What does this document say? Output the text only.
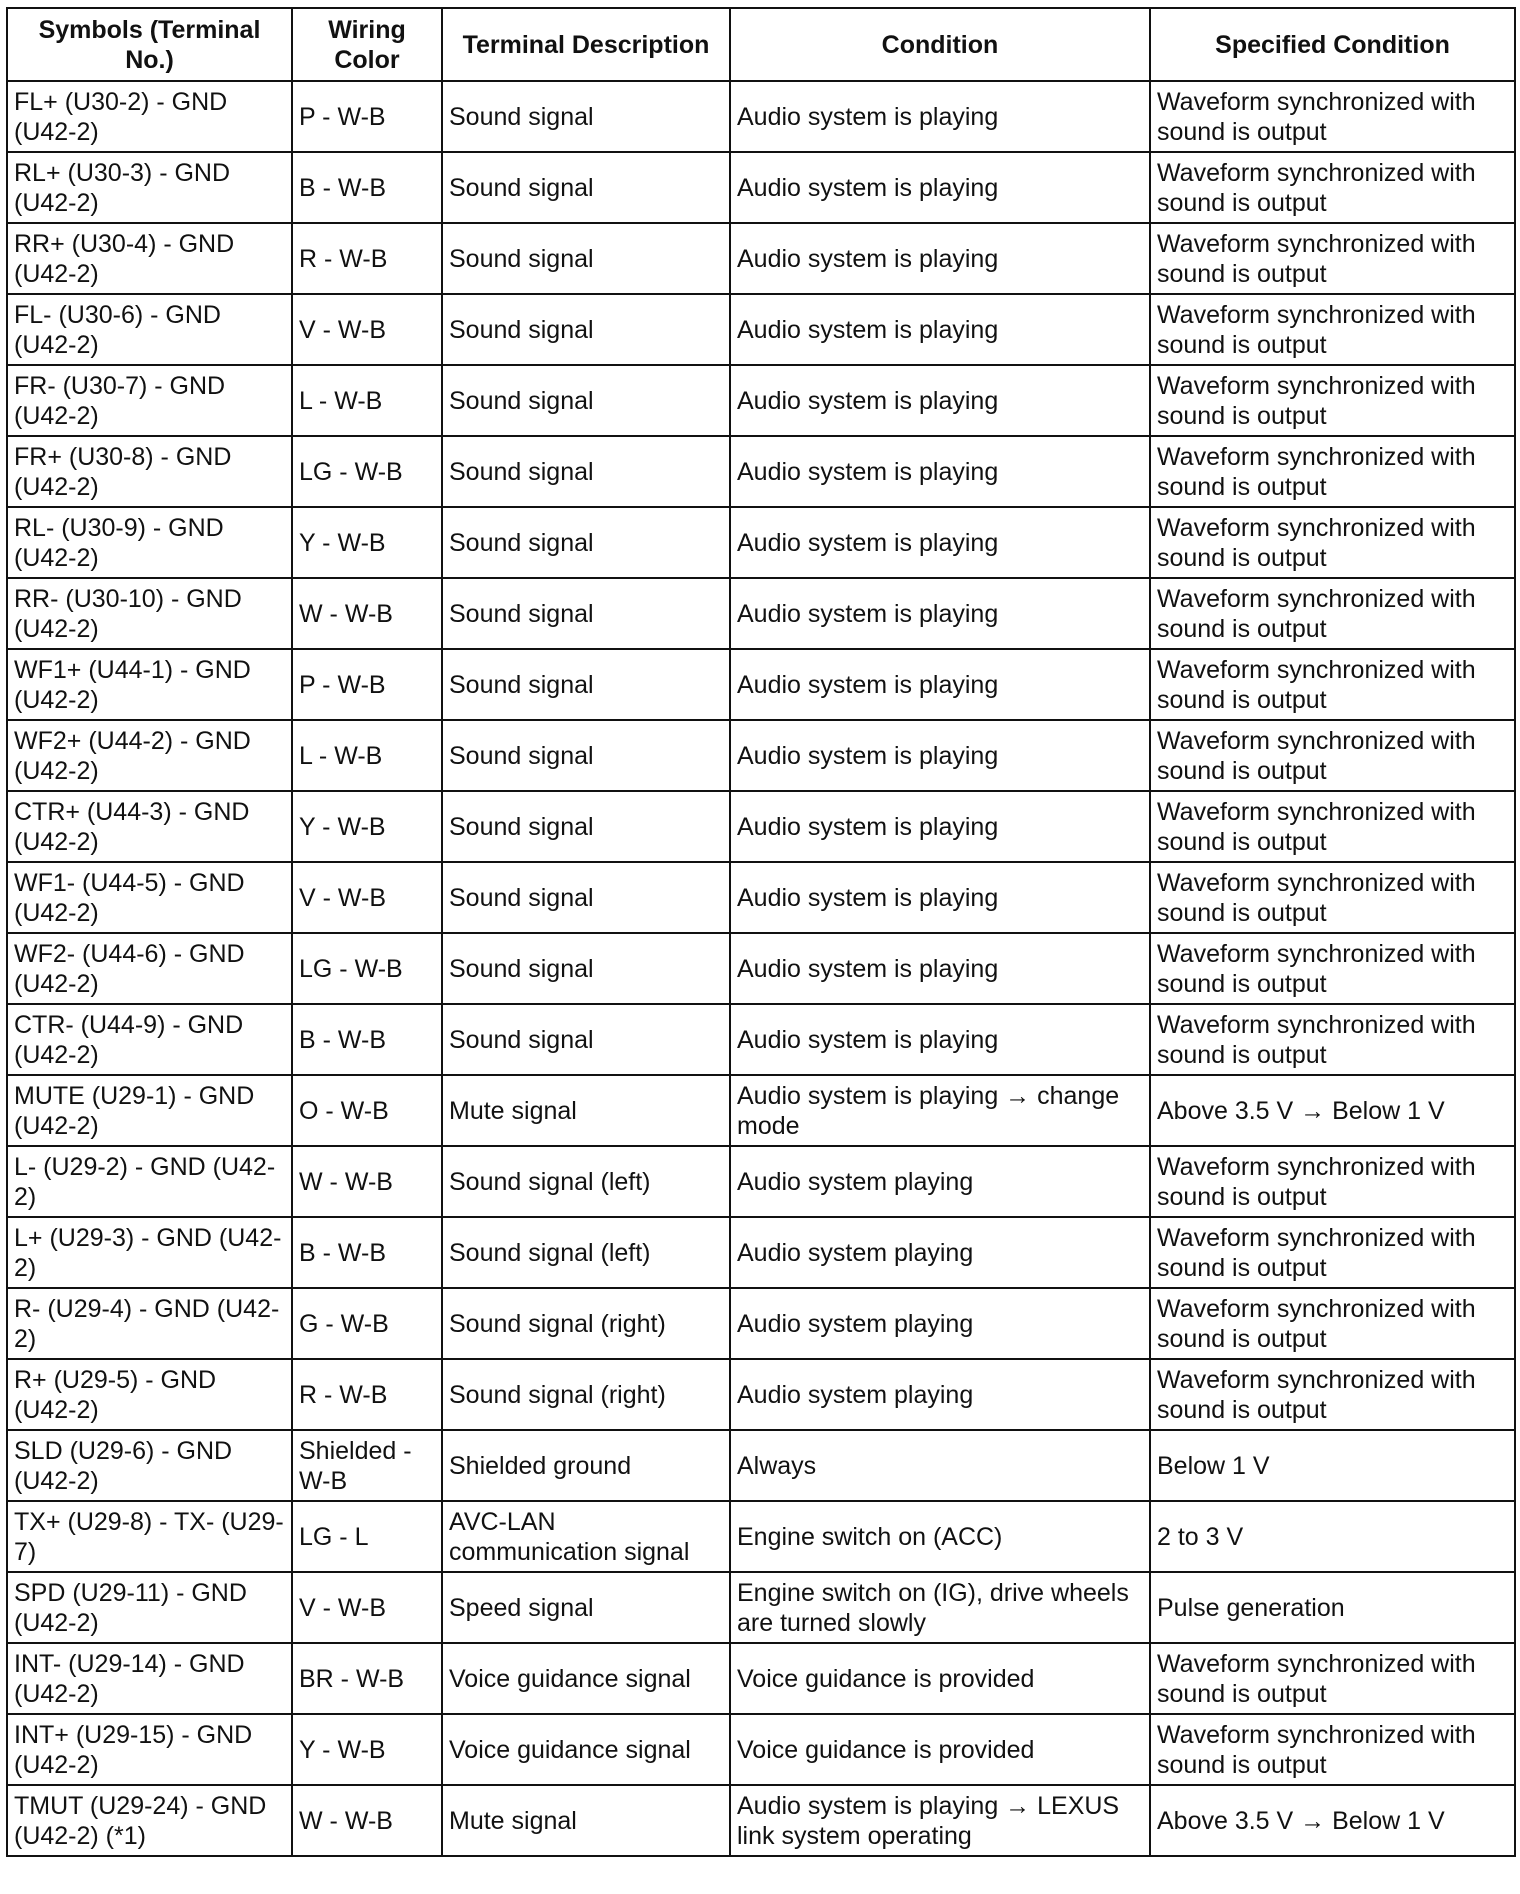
Symbols (Terminal No.)	Wiring Color	Terminal Description	Condition	Specified Condition
FL+ (U30-2) - GND (U42-2)	P - W-B	Sound signal	Audio system is playing	Waveform synchronized with sound is output
RL+ (U30-3) - GND (U42-2)	B - W-B	Sound signal	Audio system is playing	Waveform synchronized with sound is output
RR+ (U30-4) - GND (U42-2)	R - W-B	Sound signal	Audio system is playing	Waveform synchronized with sound is output
FL- (U30-6) - GND (U42-2)	V - W-B	Sound signal	Audio system is playing	Waveform synchronized with sound is output
FR- (U30-7) - GND (U42-2)	L - W-B	Sound signal	Audio system is playing	Waveform synchronized with sound is output
FR+ (U30-8) - GND (U42-2)	LG - W-B	Sound signal	Audio system is playing	Waveform synchronized with sound is output
RL- (U30-9) - GND (U42-2)	Y - W-B	Sound signal	Audio system is playing	Waveform synchronized with sound is output
RR- (U30-10) - GND (U42-2)	W - W-B	Sound signal	Audio system is playing	Waveform synchronized with sound is output
WF1+ (U44-1) - GND (U42-2)	P - W-B	Sound signal	Audio system is playing	Waveform synchronized with sound is output
WF2+ (U44-2) - GND (U42-2)	L - W-B	Sound signal	Audio system is playing	Waveform synchronized with sound is output
CTR+ (U44-3) - GND (U42-2)	Y - W-B	Sound signal	Audio system is playing	Waveform synchronized with sound is output
WF1- (U44-5) - GND (U42-2)	V - W-B	Sound signal	Audio system is playing	Waveform synchronized with sound is output
WF2- (U44-6) - GND (U42-2)	LG - W-B	Sound signal	Audio system is playing	Waveform synchronized with sound is output
CTR- (U44-9) - GND (U42-2)	B - W-B	Sound signal	Audio system is playing	Waveform synchronized with sound is output
MUTE (U29-1) - GND (U42-2)	O - W-B	Mute signal	Audio system is playing → change mode	Above 3.5 V → Below 1 V
L- (U29-2) - GND (U42-2)	W - W-B	Sound signal (left)	Audio system playing	Waveform synchronized with sound is output
L+ (U29-3) - GND (U42-2)	B - W-B	Sound signal (left)	Audio system playing	Waveform synchronized with sound is output
R- (U29-4) - GND (U42-2)	G - W-B	Sound signal (right)	Audio system playing	Waveform synchronized with sound is output
R+ (U29-5) - GND (U42-2)	R - W-B	Sound signal (right)	Audio system playing	Waveform synchronized with sound is output
SLD (U29-6) - GND (U42-2)	Shielded - W-B	Shielded ground	Always	Below 1 V
TX+ (U29-8) - TX- (U29-7)	LG - L	AVC-LAN communication signal	Engine switch on (ACC)	2 to 3 V
SPD (U29-11) - GND (U42-2)	V - W-B	Speed signal	Engine switch on (IG), drive wheels are turned slowly	Pulse generation
INT- (U29-14) - GND (U42-2)	BR - W-B	Voice guidance signal	Voice guidance is provided	Waveform synchronized with sound is output
INT+ (U29-15) - GND (U42-2)	Y - W-B	Voice guidance signal	Voice guidance is provided	Waveform synchronized with sound is output
TMUT (U29-24) - GND (U42-2) (*1)	W - W-B	Mute signal	Audio system is playing → LEXUS link system operating	Above 3.5 V → Below 1 V
